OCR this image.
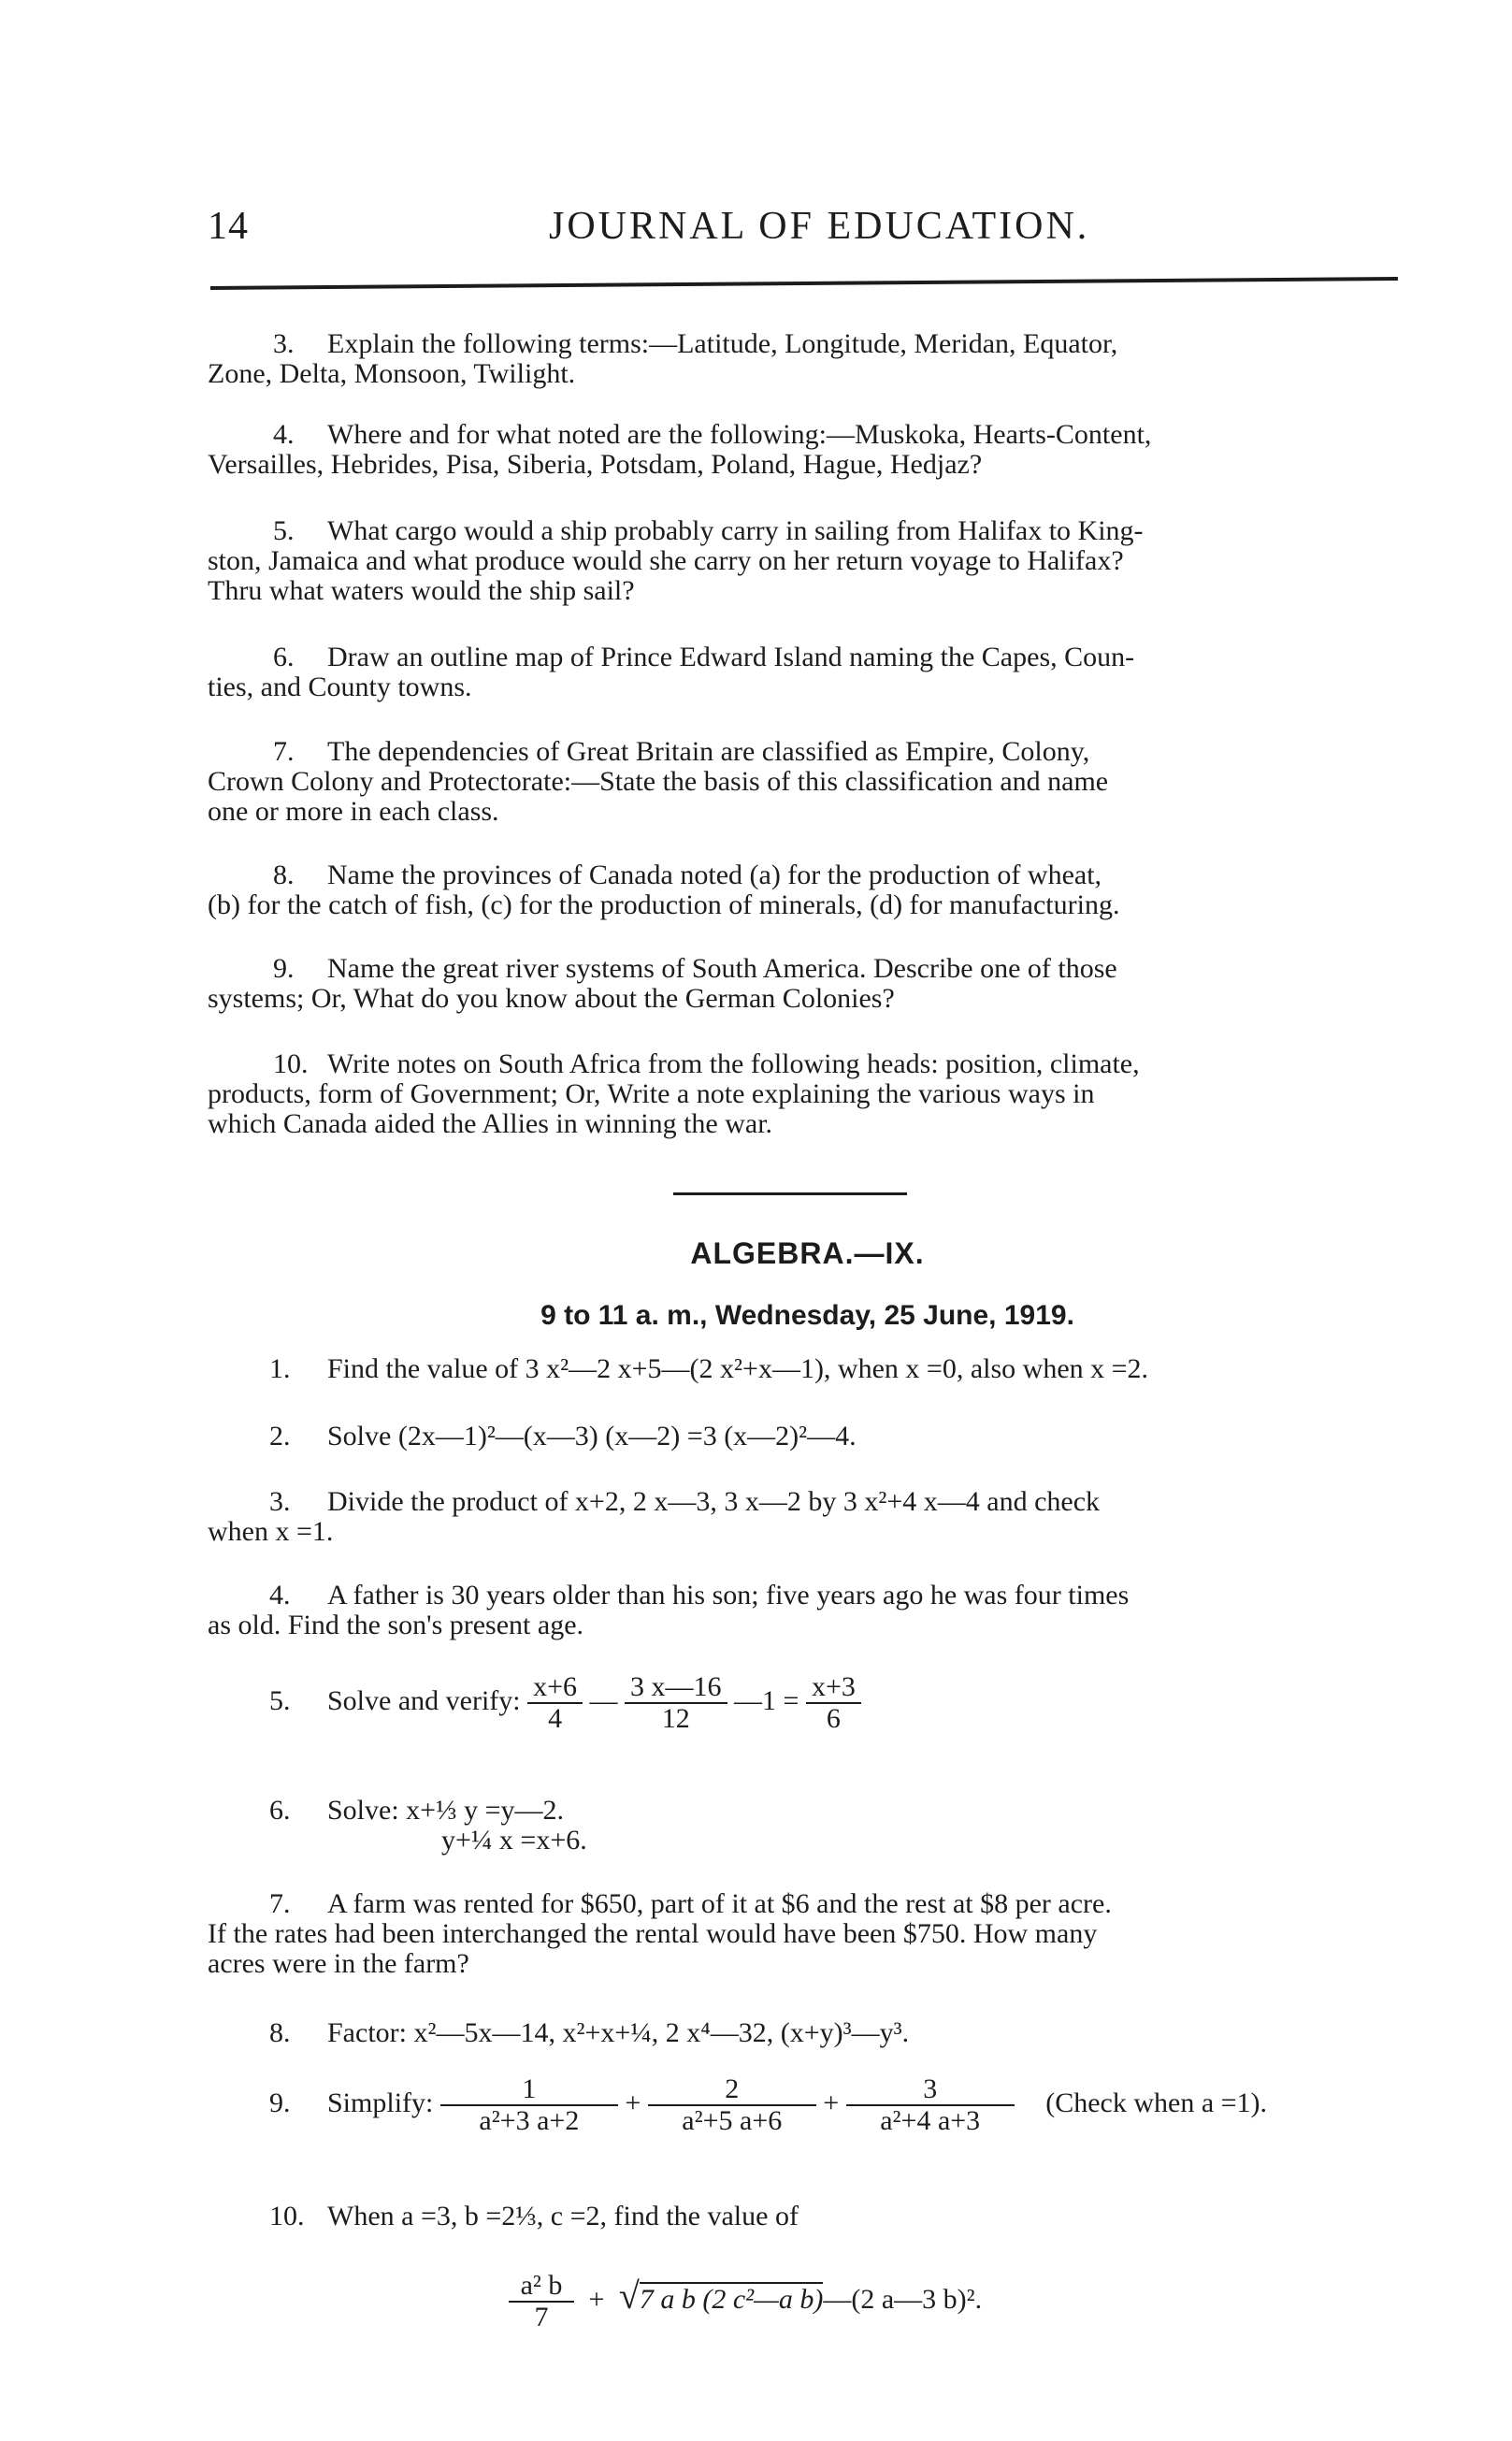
14	JOURNAL OF EDUCATION.
3. Explain the following terms:—Latitude, Longitude, Meridan, Equator,
Zone, Delta, Monsoon, Twilight.
4. Where and for what noted are the following:—Muskoka, Hearts-Content,
Versailles, Hebrides, Pisa, Siberia, Potsdam, Poland, Hague, Hedjaz?
5. What cargo would a ship probably carry in sailing from Halifax to King-
ston, Jamaica and what produce would she carry on her return voyage to Halifax?
Thru what waters would the ship sail?
6. Draw an outline map of Prince Edward Island naming the Capes, Coun-
ties, and County towns.
7. The dependencies of Great Britain are classified as Empire, Colony,
Crown Colony and Protectorate:—State the basis of this classification and name
one or more in each class.
8. Name the provinces of Canada noted (a) for the production of wheat,
(b) for the catch of fish, (c) for the production of minerals, (d) for manufacturing.
9. Name the great river systems of South America. Describe one of those
systems; Or, What do you know about the German Colonies?
10. Write notes on South Africa from the following heads: position, climate,
products, form of Government; Or, Write a note explaining the various ways in
which Canada aided the Allies in winning the war.
ALGEBRA.—IX.
9 to 11 a. m., Wednesday, 25 June, 1919.
1. Find the value of 3 x²—2 x+5—(2 x²+x—1), when x =0, also when x =2.
2. Solve (2x—1)²—(x—3) (x—2) =3 (x—2)²—4.
3. Divide the product of x+2, 2 x—3, 3 x—2 by 3 x²+4 x—4 and check
when x =1.
4. A father is 30 years older than his son; five years ago he was four times
as old. Find the son's present age.
5. Solve and verify: $\frac{x+6}{4}$ — $\frac{3 x—16}{12}$ —1 = $\frac{x+3}{6}$
6. Solve: x+⅓ y =y—2.
y+¼ x =x+6.
7. A farm was rented for $650, part of it at $6 and the rest at $8 per acre.
If the rates had been interchanged the rental would have been $750. How many
acres were in the farm?
8. Factor: x²—5x—14, x²+x+¼, 2 x⁴—32, (x+y)³—y³.
9. Simplify: $\frac{1}{\text{a²+3 a+2}} + \frac{2}{\text{a²+5 a+6}} + \frac{3}{\text{a²+4 a+3}}$ (Check when a =1).
10. When a =3, b =2⅓, c =2, find the value of
$\frac{\text{a² b}}{7} + √7$ a b (2 c²—a b)—(2 a—3 b)².
